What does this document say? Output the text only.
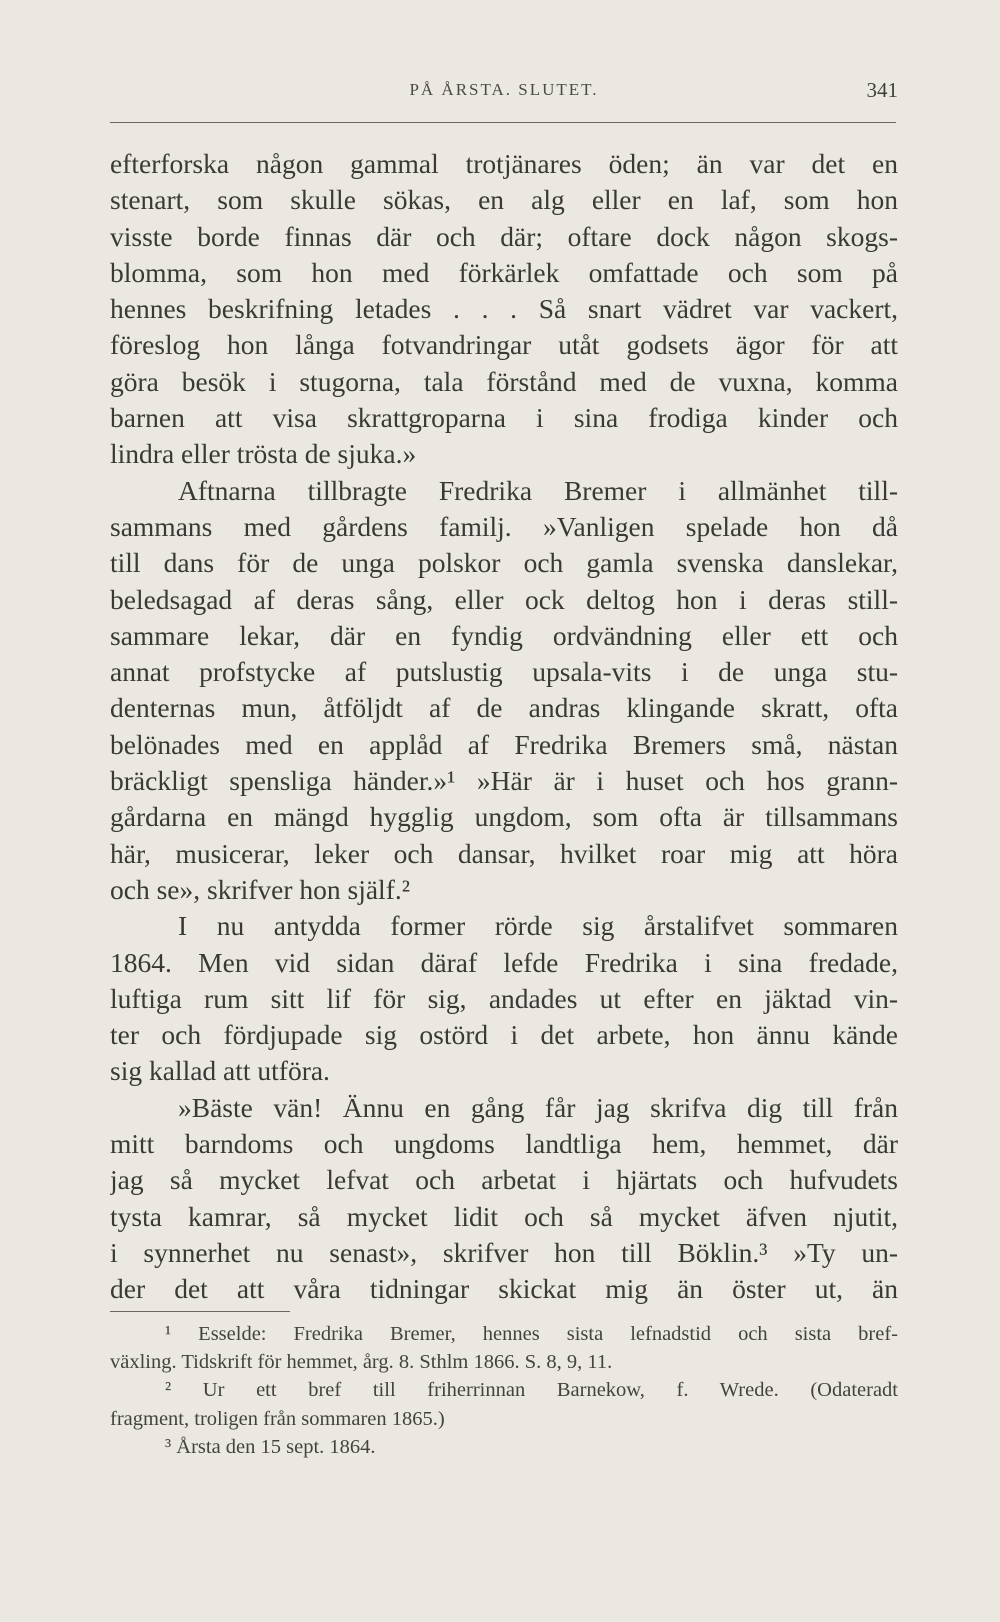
PÅ ÅRSTA. SLUTET.	341
efterforska någon gammal trotjänares öden; än var det en
stenart, som skulle sökas, en alg eller en laf, som hon
visste borde finnas där och där; oftare dock någon skogs-
blomma, som hon med förkärlek omfattade och som på
hennes beskrifning letades . . . Så snart vädret var vackert,
föreslog hon långa fotvandringar utåt godsets ägor för att
göra besök i stugorna, tala förstånd med de vuxna, komma
barnen att visa skrattgroparna i sina frodiga kinder och
lindra eller trösta de sjuka.»
Aftnarna tillbragte Fredrika Bremer i allmänhet till-
sammans med gårdens familj. »Vanligen spelade hon då
till dans för de unga polskor och gamla svenska danslekar,
beledsagad af deras sång, eller ock deltog hon i deras still-
sammare lekar, där en fyndig ordvändning eller ett och
annat profstycke af putslustig upsala-vits i de unga stu-
denternas mun, åtföljdt af de andras klingande skratt, ofta
belönades med en applåd af Fredrika Bremers små, nästan
bräckligt spensliga händer.»¹ »Här är i huset och hos grann-
gårdarna en mängd hygglig ungdom, som ofta är tillsammans
här, musicerar, leker och dansar, hvilket roar mig att höra
och se», skrifver hon själf.²
I nu antydda former rörde sig årstalifvet sommaren
1864. Men vid sidan däraf lefde Fredrika i sina fredade,
luftiga rum sitt lif för sig, andades ut efter en jäktad vin-
ter och fördjupade sig ostörd i det arbete, hon ännu kände
sig kallad att utföra.
»Bäste vän! Ännu en gång får jag skrifva dig till från
mitt barndoms och ungdoms landtliga hem, hemmet, där
jag så mycket lefvat och arbetat i hjärtats och hufvudets
tysta kamrar, så mycket lidit och så mycket äfven njutit,
i synnerhet nu senast», skrifver hon till Böklin.³ »Ty un-
der det att våra tidningar skickat mig än öster ut, än
¹ Esselde: Fredrika Bremer, hennes sista lefnadstid och sista bref-
växling. Tidskrift för hemmet, årg. 8. Sthlm 1866. S. 8, 9, 11.
² Ur ett bref till friherrinnan Barnekow, f. Wrede. (Odateradt
fragment, troligen från sommaren 1865.)
³ Årsta den 15 sept. 1864.
